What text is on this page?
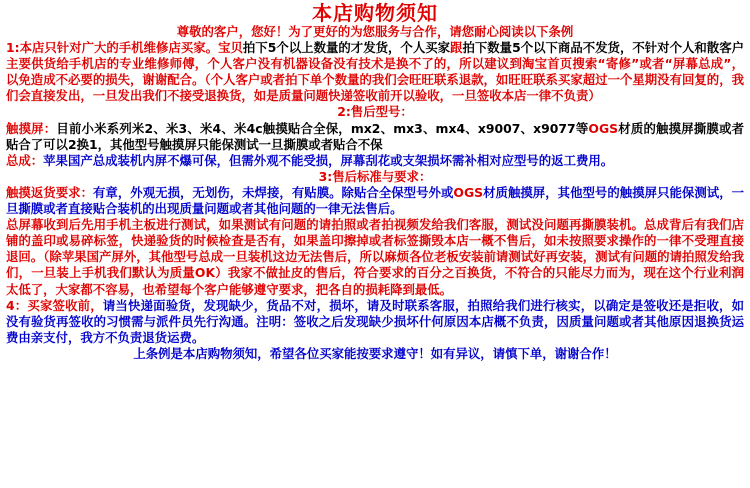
本店购物须知

尊敬的客户，您好！为了更好的为您服务与合作，请您耐心阅读以下条例

1:本店只针对广大的手机维修店买家。宝贝拍下5个以上数量的才发货，个人买家跟拍下数量5个以下商品不发货，不针对个人和散客户主要供货给手机店的专业维修师傅，个人客户没有机器设备没有技术是换不了的，所以建议到淘宝首页搜索“寄修”或者“屏幕总成”，以免造成不必要的损失，谢谢配合。（个人客户或者拍下单个数量的我们会旺旺联系退款，如旺旺联系买家超过一个星期没有回复的，我们会直接发出，一旦发出我们不接受退换货，如是质量问题快递签收前开以验收，一旦签收本店一律不负责）

2:售后型号：

触摸屏：目前小米系列米2、米3、米4、米4c触摸贴合全保，mx2、mx3、mx4、x9007、x9077等OGS材质的触摸屏撕膜或者贴合了可以2换1，其他型号触摸屏只能保测试一旦撕膜或者贴合不保

总成：苹果国产总成装机内屏不爆可保，但需外观不能受损，屏幕刮花或支架损坏需补相对应型号的返工费用。

3:售后标准与要求：

触摸返货要求：有章，外观无损，无划伤，未焊接，有贴膜。除贴合全保型号外或OGS材质触摸屏，其他型号的触摸屏只能保测试，一旦撕膜或者直接贴合装机的出现质量问题或者其他问题的一律无法售后。

总屏幕收到后先用手机主板进行测试，如果测试有问题的请拍照或者拍视频发给我们客服，测试没问题再撕膜装机。总成背后有我们店铺的盖印或易碎标签，快递验货的时候检查是否有，如果盖印擦掉或者标签撕毁本店一概不售后，如未按照要求操作的一律不受理直接退回。（除苹果国产屏外，其他型号总成一旦装机这边无法售后，所以麻烦各位老板安装前请测试好再安装，测试有问题的请拍照发给我们，一旦装上手机我们默认为质量OK）我家不做扯皮的售后，符合要求的百分之百换货，不符合的只能尽力而为，现在这个行业利润太低了，大家都不容易，也希望每个客户能够遵守要求，把各自的损耗降到最低。

4：买家签收前，请当快递面验货，发现缺少，货品不对，损坏，请及时联系客服，拍照给我们进行核实，以确定是签收还是拒收，如没有验货再签收的习惯需与派件员先行沟通。注明：签收之后发现缺少损坏什何原因本店概不负责，因质量问题或者其他原因退换货运费由亲支付，我方不负责退货运费。

上条例是本店购物须知，希望各位买家能按要求遵守！如有异议，请慎下单，谢谢合作！
